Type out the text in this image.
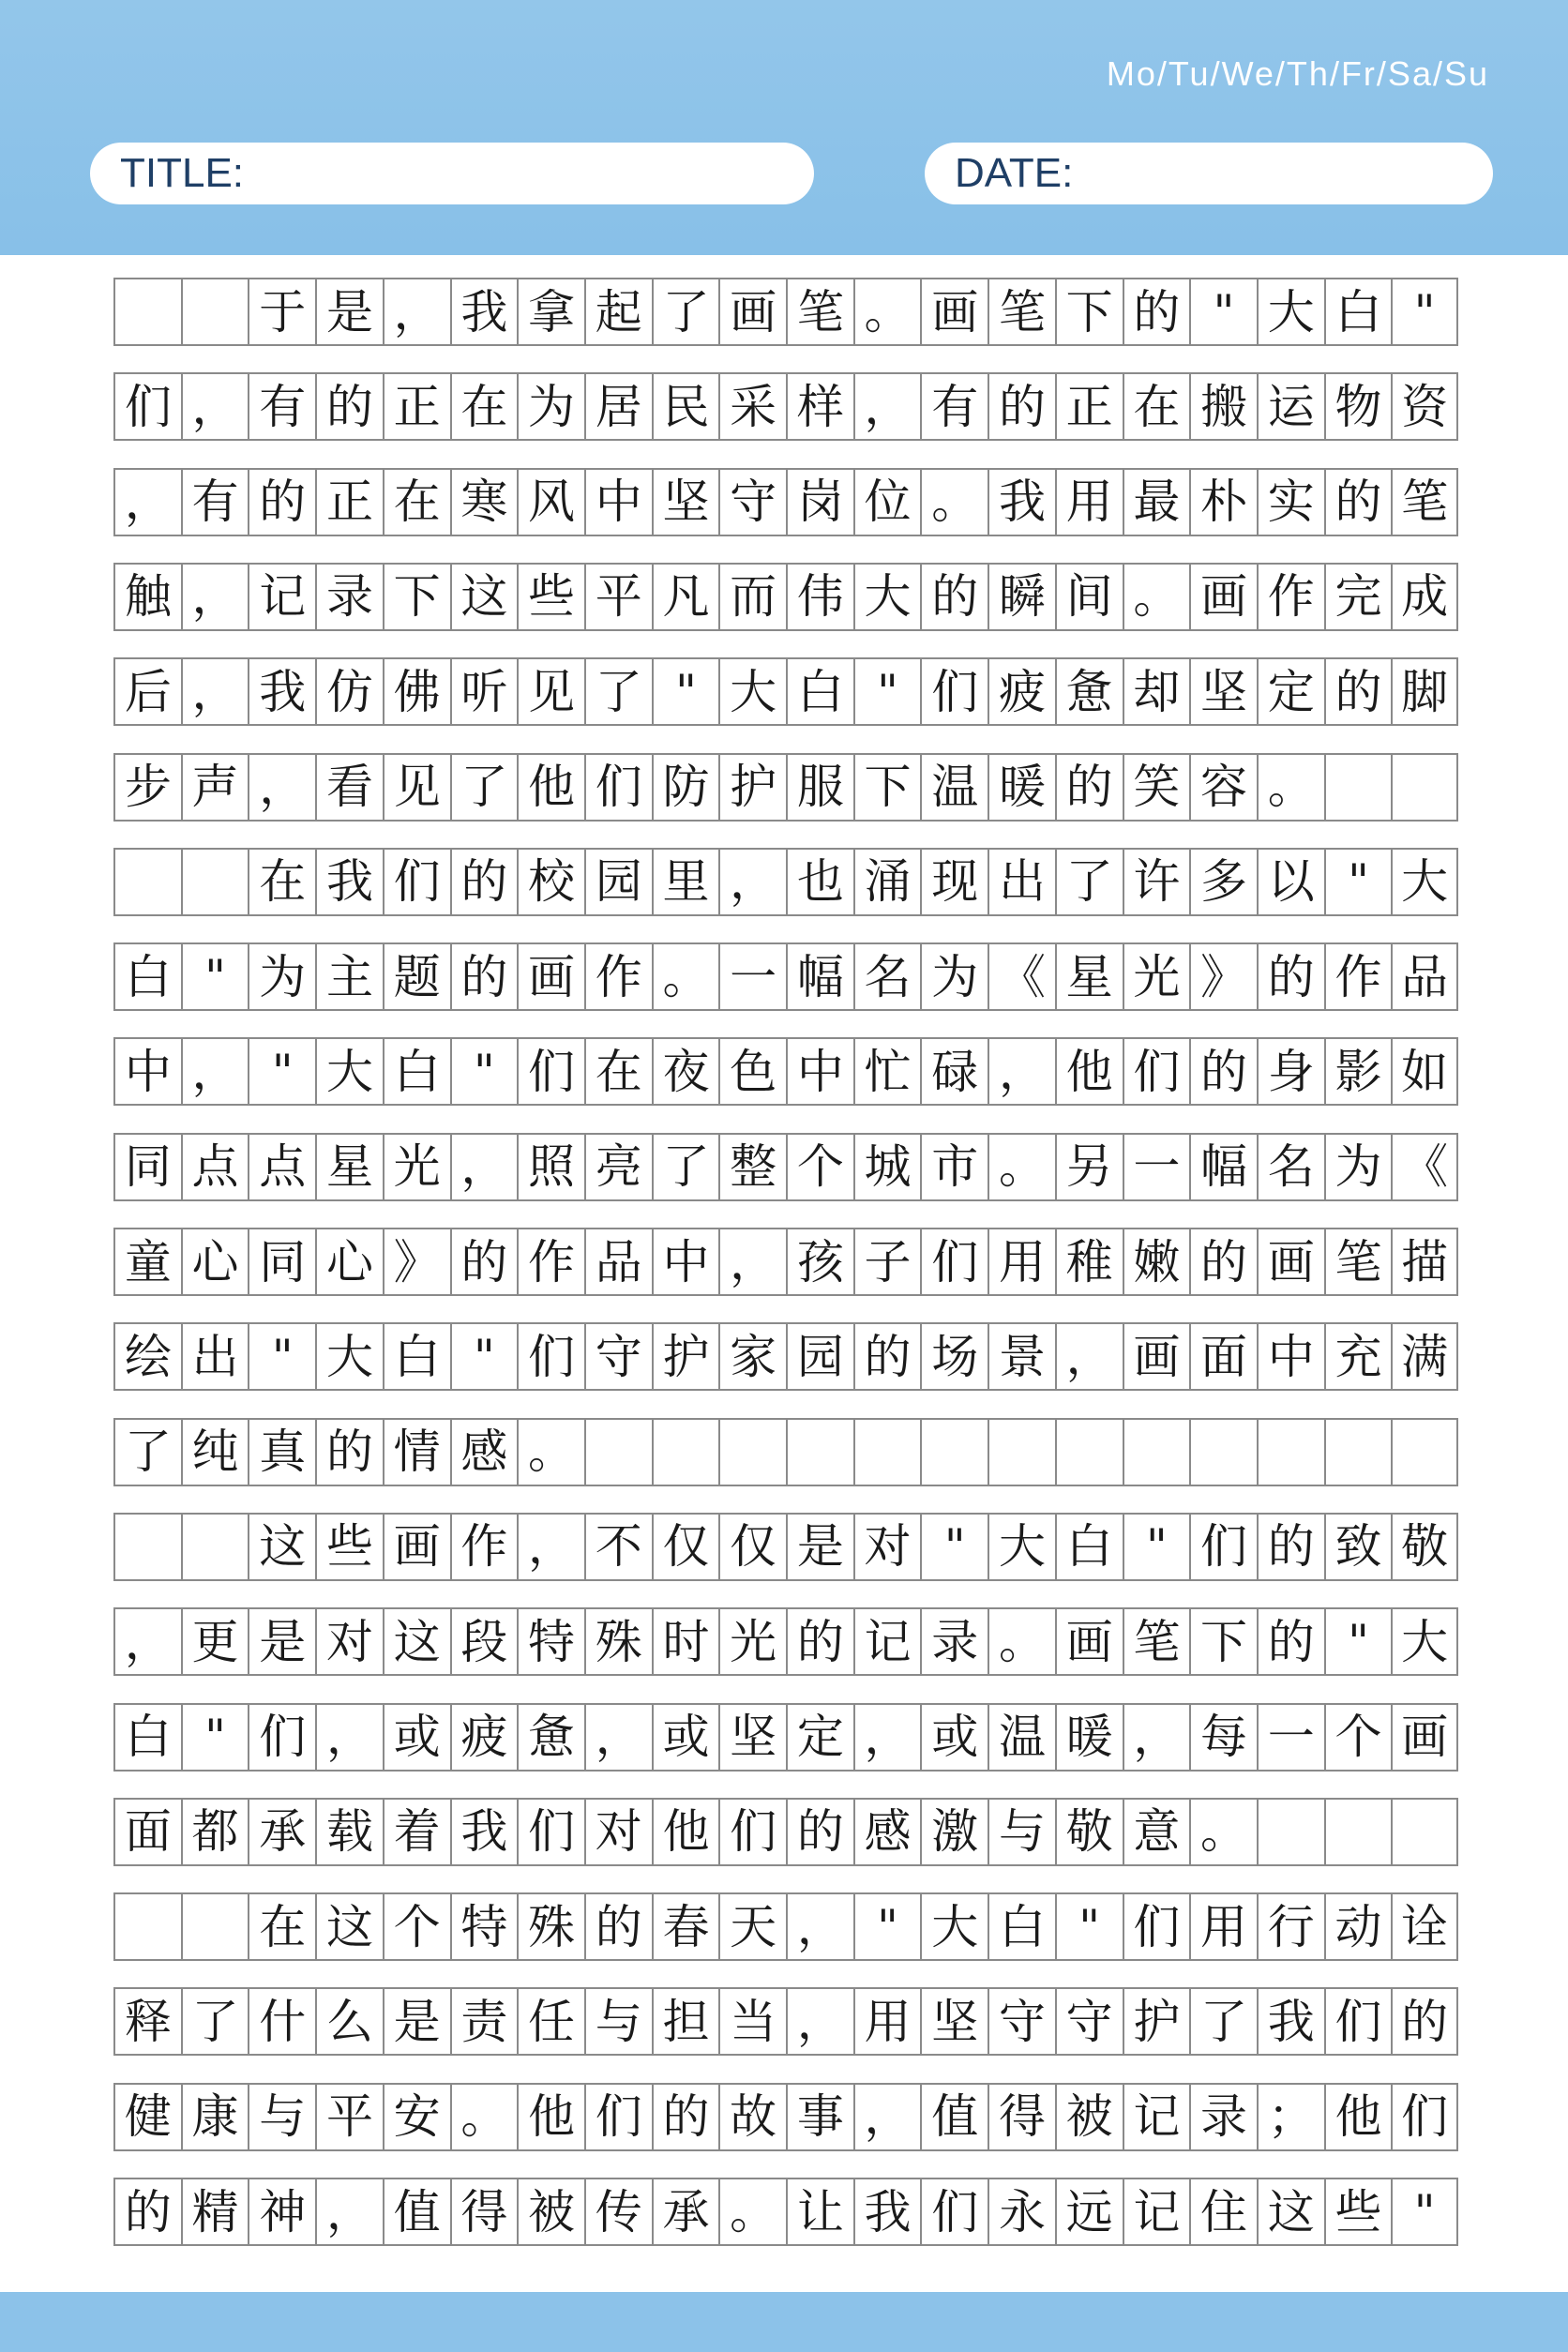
Mo/Tu/We/Th/Fr/Sa/Su
TITLE:	DATE:
于 是 ， 我 拿 起 了 画 笔 。 画 笔 下 的 " 大 白 "
们 ， 有 的 正 在 为 居 民 采 样 ， 有 的 正 在 搬 运 物 资
， 有 的 正 在 寒 风 中 坚 守 岗 位 。 我 用 最 朴 实 的 笔
触 ， 记 录 下 这 些 平 凡 而 伟 大 的 瞬 间 。 画 作 完 成
后 ， 我 仿 佛 听 见 了 " 大 白 " 们 疲 惫 却 坚 定 的 脚
步 声 ， 看 见 了 他 们 防 护 服 下 温 暖 的 笑 容 。
在 我 们 的 校 园 里 ， 也 涌 现 出 了 许 多 以 " 大
白 " 为 主 题 的 画 作 。 一 幅 名 为 《 星 光 》 的 作 品
中 ， " 大 白 " 们 在 夜 色 中 忙 碌 ， 他 们 的 身 影 如
同 点 点 星 光 ， 照 亮 了 整 个 城 市 。 另 一 幅 名 为 《
童 心 同 心 》 的 作 品 中 ， 孩 子 们 用 稚 嫩 的 画 笔 描
绘 出 " 大 白 " 们 守 护 家 园 的 场 景 ， 画 面 中 充 满
了 纯 真 的 情 感 。
这 些 画 作 ， 不 仅 仅 是 对 " 大 白 " 们 的 致 敬
， 更 是 对 这 段 特 殊 时 光 的 记 录 。 画 笔 下 的 " 大
白 " 们 ， 或 疲 惫 ， 或 坚 定 ， 或 温 暖 ， 每 一 个 画
面 都 承 载 着 我 们 对 他 们 的 感 激 与 敬 意 。
在 这 个 特 殊 的 春 天 ， " 大 白 " 们 用 行 动 诠
释 了 什 么 是 责 任 与 担 当 ， 用 坚 守 守 护 了 我 们 的
健 康 与 平 安 。 他 们 的 故 事 ， 值 得 被 记 录 ； 他 们
的 精 神 ， 值 得 被 传 承 。 让 我 们 永 远 记 住 这 些 "
